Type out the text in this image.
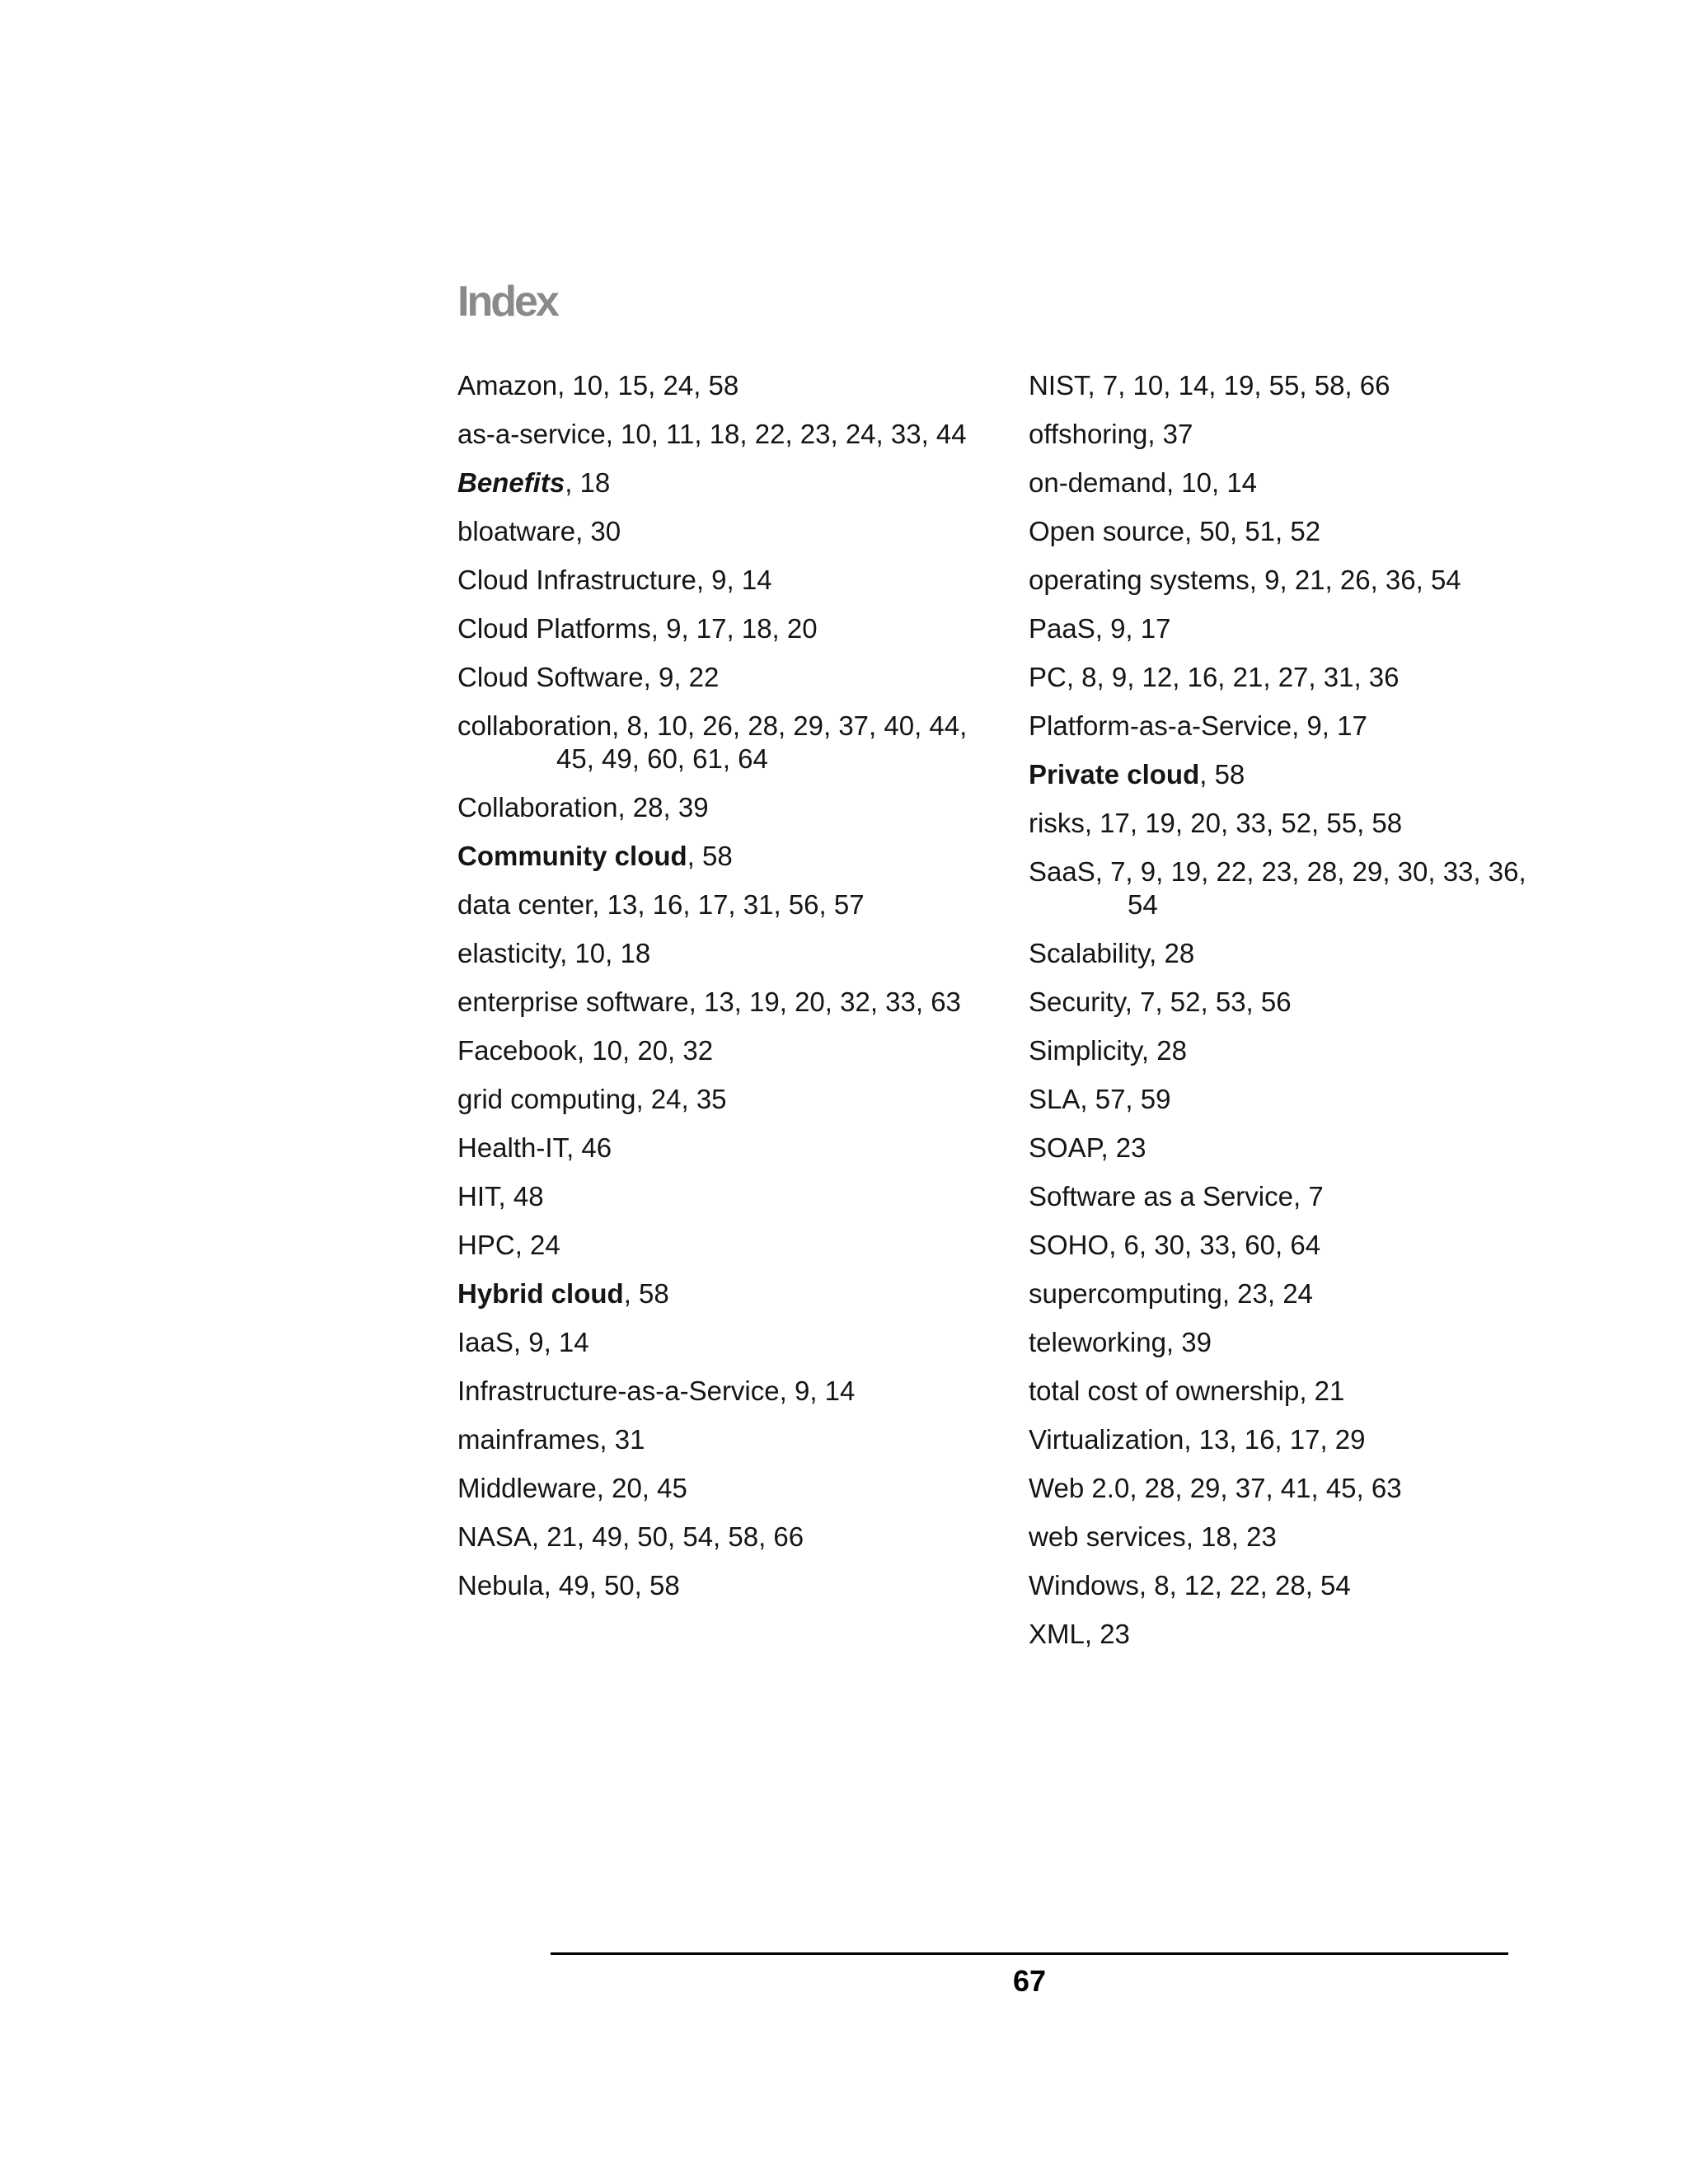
Index

Amazon, 10, 15, 24, 58

as-a-service, 10, 11, 18, 22, 23, 24, 33, 44

Benefits, 18

bloatware, 30

Cloud Infrastructure, 9, 14

Cloud Platforms, 9, 17, 18, 20

Cloud Software, 9, 22

collaboration, 8, 10, 26, 28, 29, 37, 40, 44, 45, 49, 60, 61, 64

Collaboration, 28, 39

Community cloud, 58

data center, 13, 16, 17, 31, 56, 57

elasticity, 10, 18

enterprise software, 13, 19, 20, 32, 33, 63

Facebook, 10, 20, 32

grid computing, 24, 35

Health-IT, 46

HIT, 48

HPC, 24

Hybrid cloud, 58

IaaS, 9, 14

Infrastructure-as-a-Service, 9, 14

mainframes, 31

Middleware, 20, 45

NASA, 21, 49, 50, 54, 58, 66

Nebula, 49, 50, 58

NIST, 7, 10, 14, 19, 55, 58, 66

offshoring, 37

on-demand, 10, 14

Open source, 50, 51, 52

operating systems, 9, 21, 26, 36, 54

PaaS, 9, 17

PC, 8, 9, 12, 16, 21, 27, 31, 36

Platform-as-a-Service, 9, 17

Private cloud, 58

risks, 17, 19, 20, 33, 52, 55, 58

SaaS, 7, 9, 19, 22, 23, 28, 29, 30, 33, 36, 54

Scalability, 28

Security, 7, 52, 53, 56

Simplicity, 28

SLA, 57, 59

SOAP, 23

Software as a Service, 7

SOHO, 6, 30, 33, 60, 64

supercomputing, 23, 24

teleworking, 39

total cost of ownership, 21

Virtualization, 13, 16, 17, 29

Web 2.0, 28, 29, 37, 41, 45, 63

web services, 18, 23

Windows, 8, 12, 22, 28, 54

XML, 23

67
